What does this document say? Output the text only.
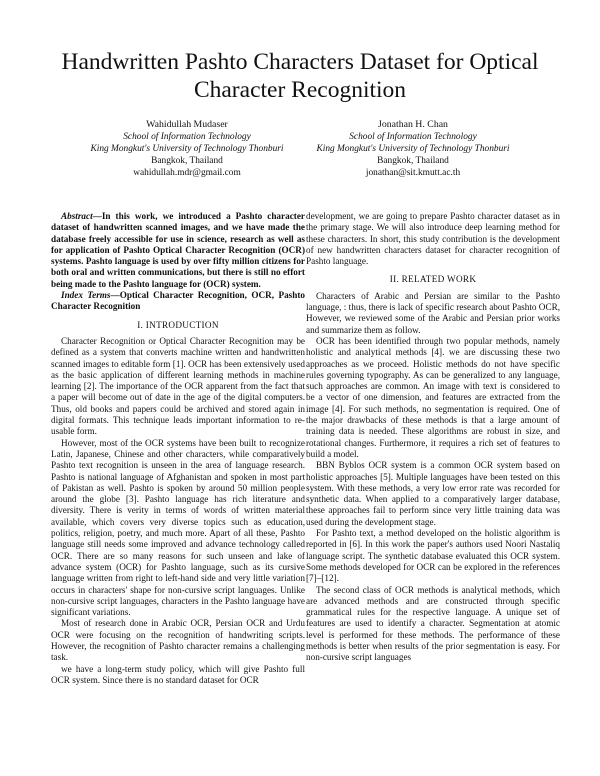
Handwritten Pashto Characters Dataset for Optical
Character Recognition
Wahidullah Mudaser
School of Information Technology
King Mongkut's University of Technology Thonburi
Bangkok, Thailand
wahidullah.mdr@gmail.com
Jonathan H. Chan
School of Information Technology
King Mongkut's University of Technology Thonburi
Bangkok, Thailand
jonathan@sit.kmutt.ac.th

Abstract—In this work, we introduced a Pashto character dataset of handwritten scanned images, and we have made the database freely accessible for use in science, research as well as for application of Pashto Optical Character Recognition (OCR) systems. Pashto language is used by over fifty million citizens for both oral and written communications, but there is still no effort being made to the Pashto language for (OCR) system.

Index Terms—Optical Character Recognition, OCR, Pashto Character Recognition

I. INTRODUCTION

Character Recognition or Optical Character Recognition may be defined as a system that converts machine written and handwritten scanned images to editable form [1]. OCR has been extensively used as the basic application of different learning methods in machine learning [2]. The importance of the OCR apparent from the fact that a paper will become out of date in the age of the digital computers. Thus, old books and papers could be archived and stored again in digital formats. This technique leads important information to re-usable form.

However, most of the OCR systems have been built to recognize Latin, Japanese, Chinese and other characters, while comparatively Pashto text recognition is unseen in the area of language research. Pashto is national language of Afghanistan and spoken in most part of Pakistan as well. Pashto is spoken by around 50 million people around the globe [3]. Pashto language has rich literature and diversity. There is verity in terms of words of written material available, which covers very diverse topics such as education, politics, religion, poetry, and much more. Apart of all these, Pashto language still needs some improved and advance technology called OCR. There are so many reasons for such unseen and lake of advance system (OCR) for Pashto language, such as its cursive language written from right to left-hand side and very little variation occurs in characters' shape for non-cursive script languages. Unlike non-cursive script languages, characters in the Pashto language have significant variations.

Most of research done in Arabic OCR, Persian OCR and Urdu OCR were focusing on the recognition of handwriting scripts. However, the recognition of Pashto character remains a challenging task.

we have a long-term study policy, which will give Pashto full OCR system. Since there is no standard dataset for OCR

development, we are going to prepare Pashto character dataset as in the primary stage. We will also introduce deep learning method for these characters. In short, this study contribution is the development of new handwritten characters dataset for character recognition of Pashto language.

II. RELATED WORK

Characters of Arabic and Persian are similar to the Pashto language, : thus, there is lack of specific research about Pashto OCR, However, we reviewed some of the Arabic and Persian prior works and summarize them as follow.

OCR has been identified through two popular methods, namely holistic and analytical methods [4]. we are discussing these two approaches as we proceed. Holistic methods do not have specific rules governing typography. As can be generalized to any language, such approaches are common. An image with text is considered to be a vector of one dimension, and features are extracted from the image [4]. For such methods, no segmentation is required. One of the major drawbacks of these methods is that a large amount of training data is needed. These algorithms are robust in size, and rotational changes. Furthermore, it requires a rich set of features to build a model.

BBN Byblos OCR system is a common OCR system based on holistic approaches [5]. Multiple languages have been tested on this system. With these methods, a very low error rate was recorded for synthetic data. When applied to a comparatively larger database, these approaches fail to perform since very little training data was used during the development stage.

For Pashto text, a method developed on the holistic algorithm is reported in [6]. In this work the paper's authors used Noori Nastaliq language script. The synthetic database evaluated this OCR system. Some methods developed for OCR can be explored in the references [7]–[12].

The second class of OCR methods is analytical methods, which are advanced methods and are constructed through specific grammatical rules for the respective language. A unique set of features are used to identify a character. Segmentation at atomic level is performed for these methods. The performance of these methods is better when results of the prior segmentation is easy. For non-cursive script languages
